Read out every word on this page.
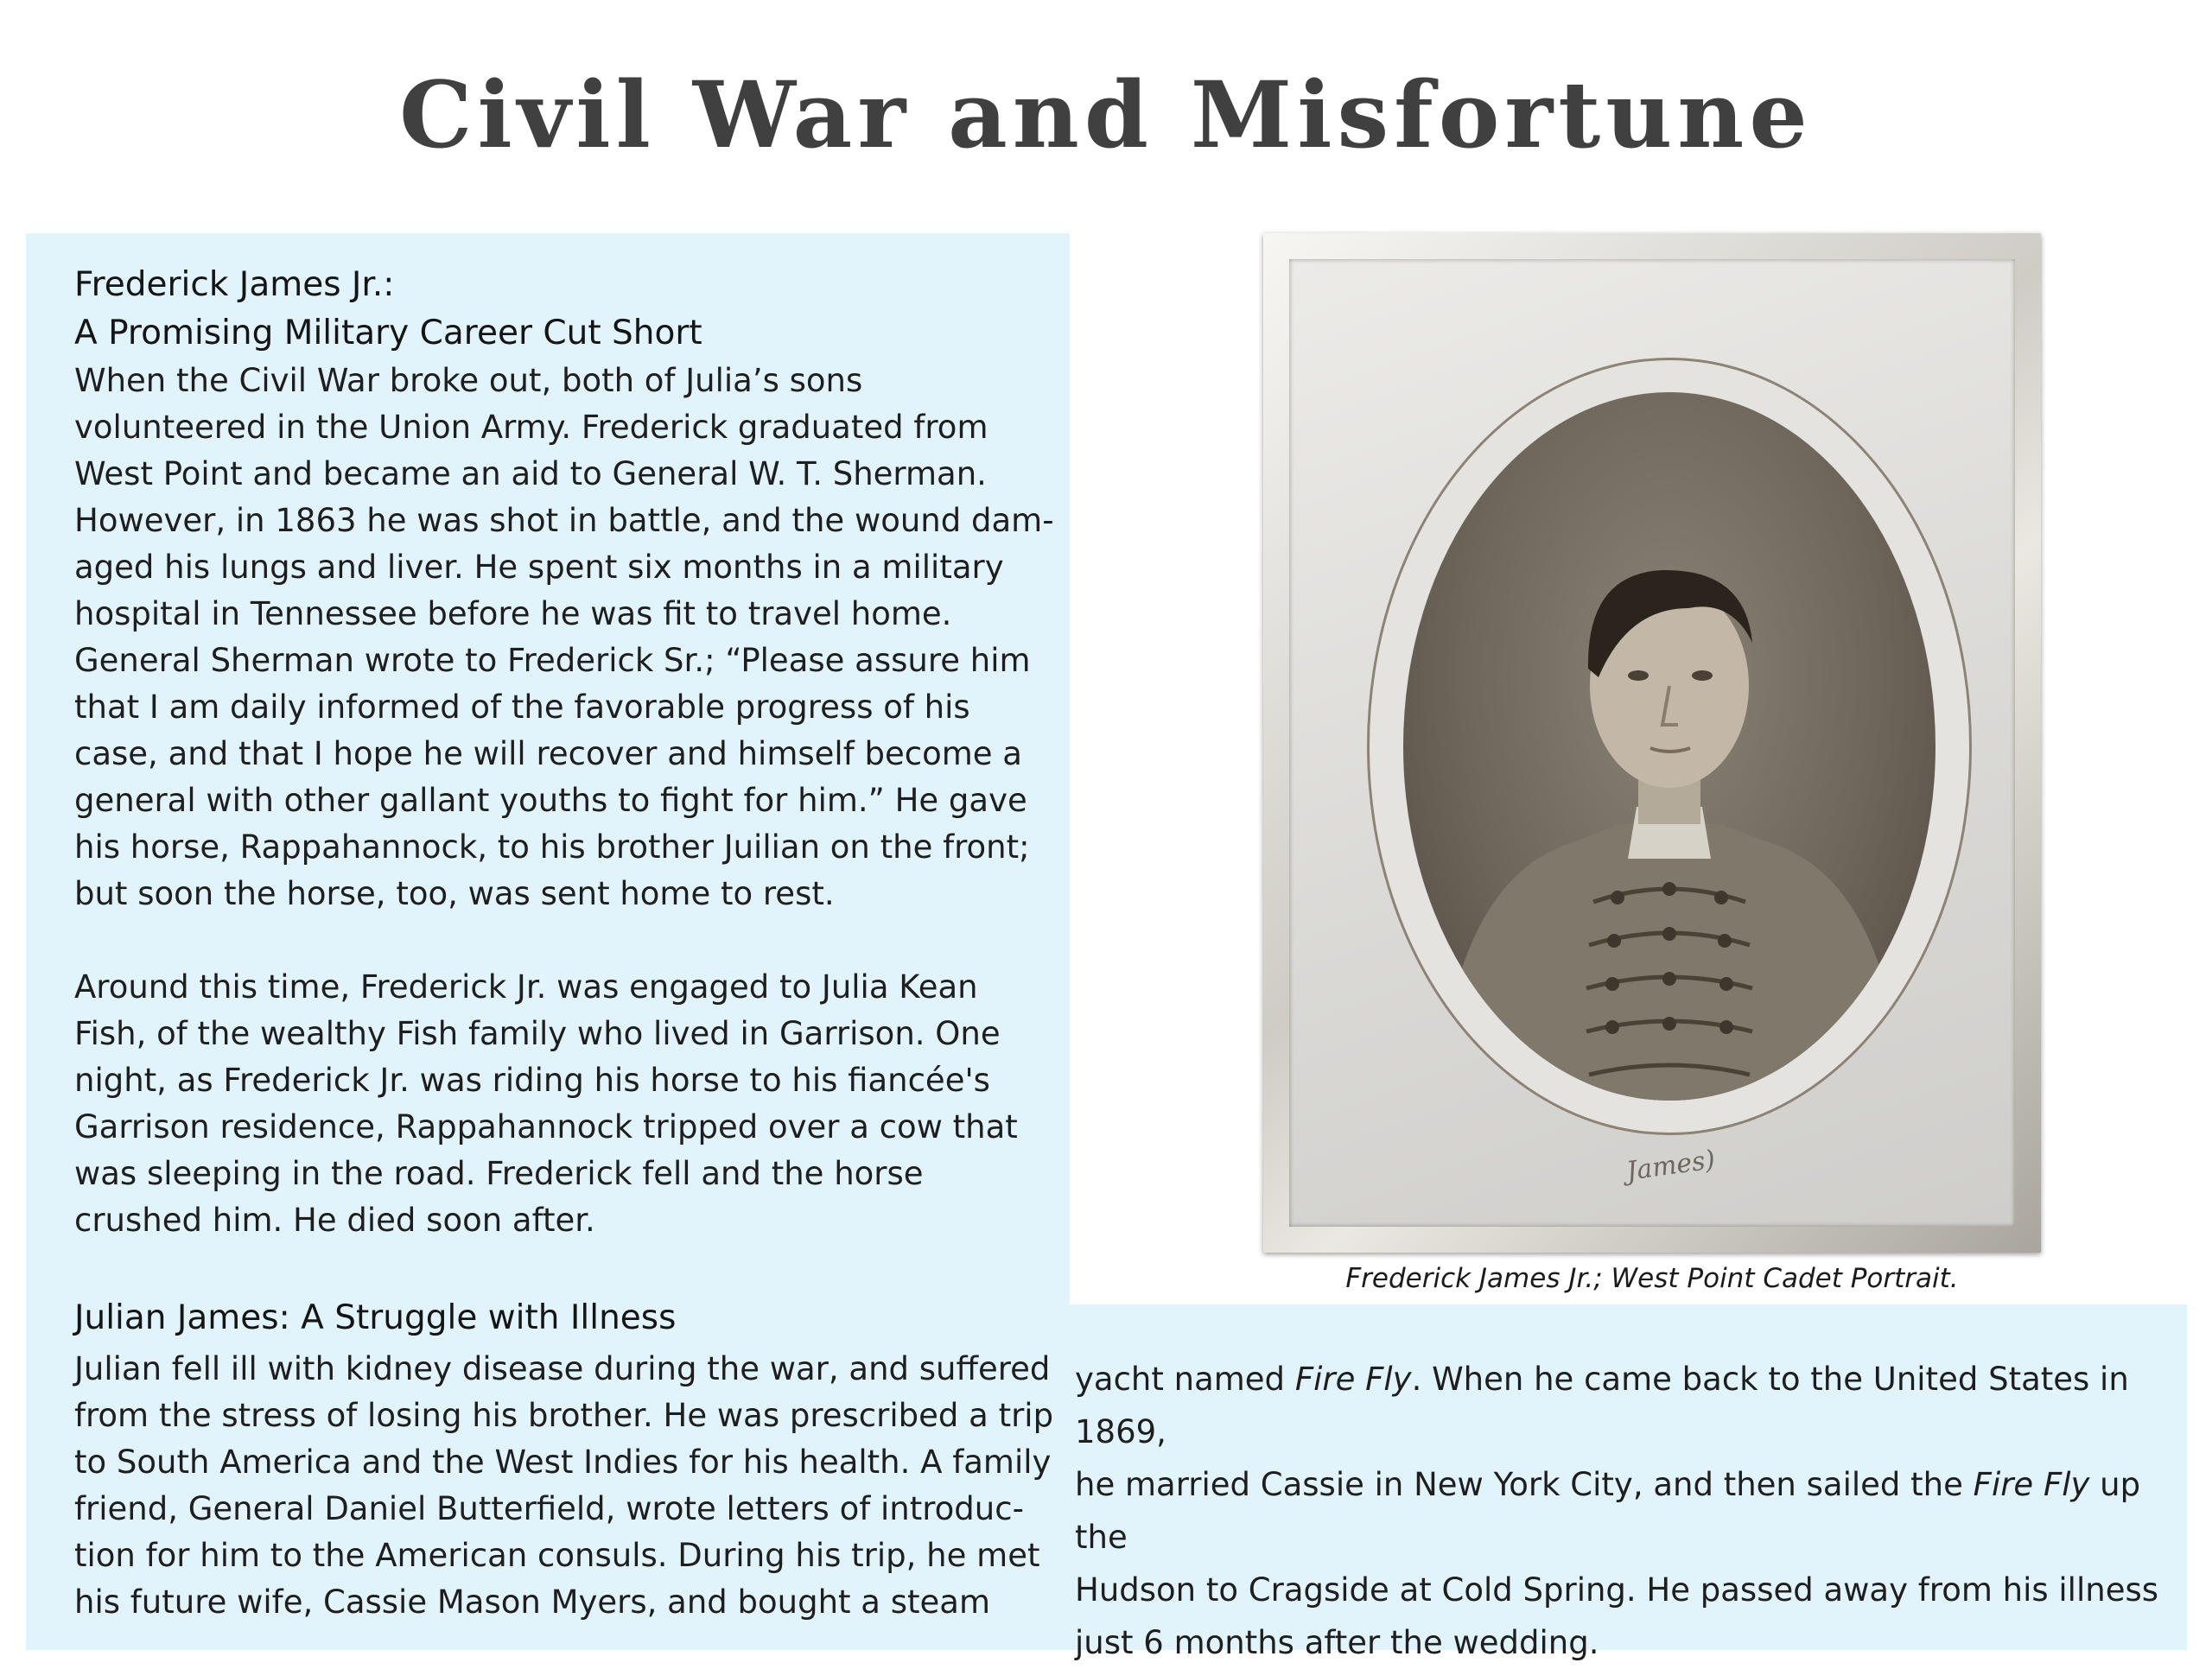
Civil War and Misfortune
Frederick James Jr.:
A Promising Military Career Cut Short

When the Civil War broke out, both of Julia’s sons

volunteered in the Union Army. Frederick graduated from

West Point and became an aid to General W. T. Sherman.

However, in 1863 he was shot in battle, and the wound dam-

aged his lungs and liver. He spent six months in a military

hospital in Tennessee before he was fit to travel home.

General Sherman wrote to Frederick Sr.; “Please assure him

that I am daily informed of the favorable progress of his

case, and that I hope he will recover and himself become a

general with other gallant youths to fight for him.” He gave

his horse, Rappahannock, to his brother Juilian on the front;

but soon the horse, too, was sent home to rest.

Around this time, Frederick Jr. was engaged to Julia Kean

Fish, of the wealthy Fish family who lived in Garrison. One

night, as Frederick Jr. was riding his horse to his fiancée's

Garrison residence, Rappahannock tripped over a cow that

was sleeping in the road. Frederick fell and the horse

crushed him. He died soon after.

Julian James: A Struggle with Illness

Julian fell ill with kidney disease during the war, and suffered

from the stress of losing his brother. He was prescribed a trip

to South America and the West Indies for his health. A family

friend, General Daniel Butterfield, wrote letters of introduc-

tion for him to the American consuls. During his trip, he met

his future wife, Cassie Mason Myers, and bought a steam

yacht named Fire Fly. When he came back to the United States in 1869,

he married Cassie in New York City, and then sailed the Fire Fly up the

Hudson to Cragside at Cold Spring. He passed away from his illness

just 6 months after the wedding.

James)
Frederick James Jr.; West Point Cadet Portrait.
